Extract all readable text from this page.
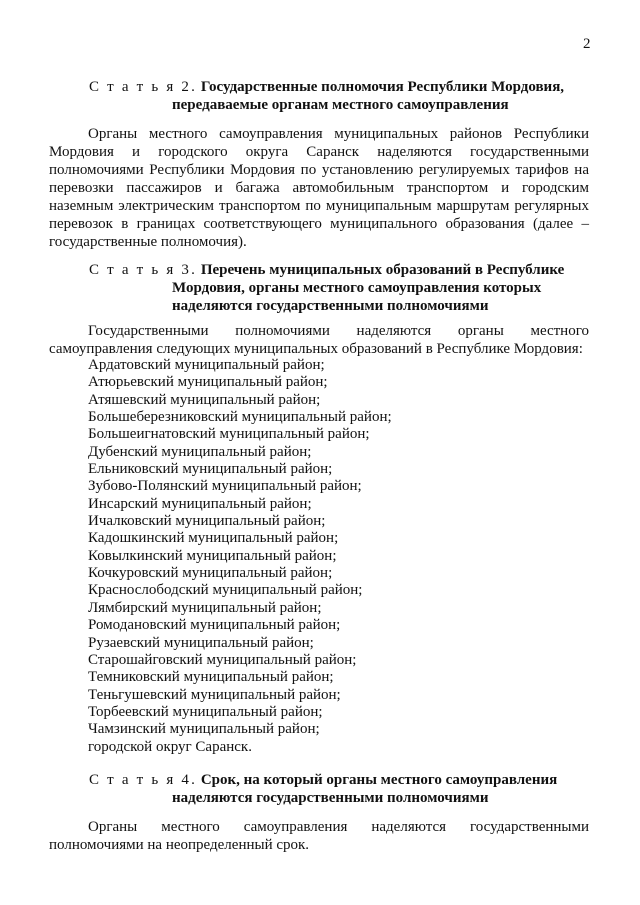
2
С т а т ь я 2. Государственные полномочия Республики Мордовия,
передаваемые органам местного самоуправления

Органы местного самоуправления муниципальных районов Республики Мордовия и городского округа Саранск наделяются государственными полномочиями Республики Мордовия по установлению регулируемых тарифов на перевозки пассажиров и багажа автомобильным транспортом и городским наземным электрическим транспортом по муниципальным маршрутам регулярных перевозок в границах соответствующего муниципального образования (далее – государственные полномочия).

С т а т ь я 3. Перечень муниципальных образований в Республике
Мордовия, органы местного самоуправления которых
наделяются государственными полномочиями
Государственными полномочиями наделяются органы местного
самоуправления следующих муниципальных образований в Республике Мордовия:
Ардатовский муниципальный район;
Атюрьевский муниципальный район;
Атяшевский муниципальный район;
Большеберезниковский муниципальный район;
Большеигнатовский муниципальный район;
Дубенский муниципальный район;
Ельниковский муниципальный район;
Зубово-Полянский муниципальный район;
Инсарский муниципальный район;
Ичалковский муниципальный район;
Кадошкинский муниципальный район;
Ковылкинский муниципальный район;
Кочкуровский муниципальный район;
Краснослободский муниципальный район;
Лямбирский муниципальный район;
Ромодановский муниципальный район;
Рузаевский муниципальный район;
Старошайговский муниципальный район;
Темниковский муниципальный район;
Теньгушевский муниципальный район;
Торбеевский муниципальный район;
Чамзинский муниципальный район;
городской округ Саранск.
С т а т ь я 4. Срок, на который органы местного самоуправления
наделяются государственными полномочиями
Органы местного самоуправления наделяются государственными
полномочиями на неопределенный срок.
